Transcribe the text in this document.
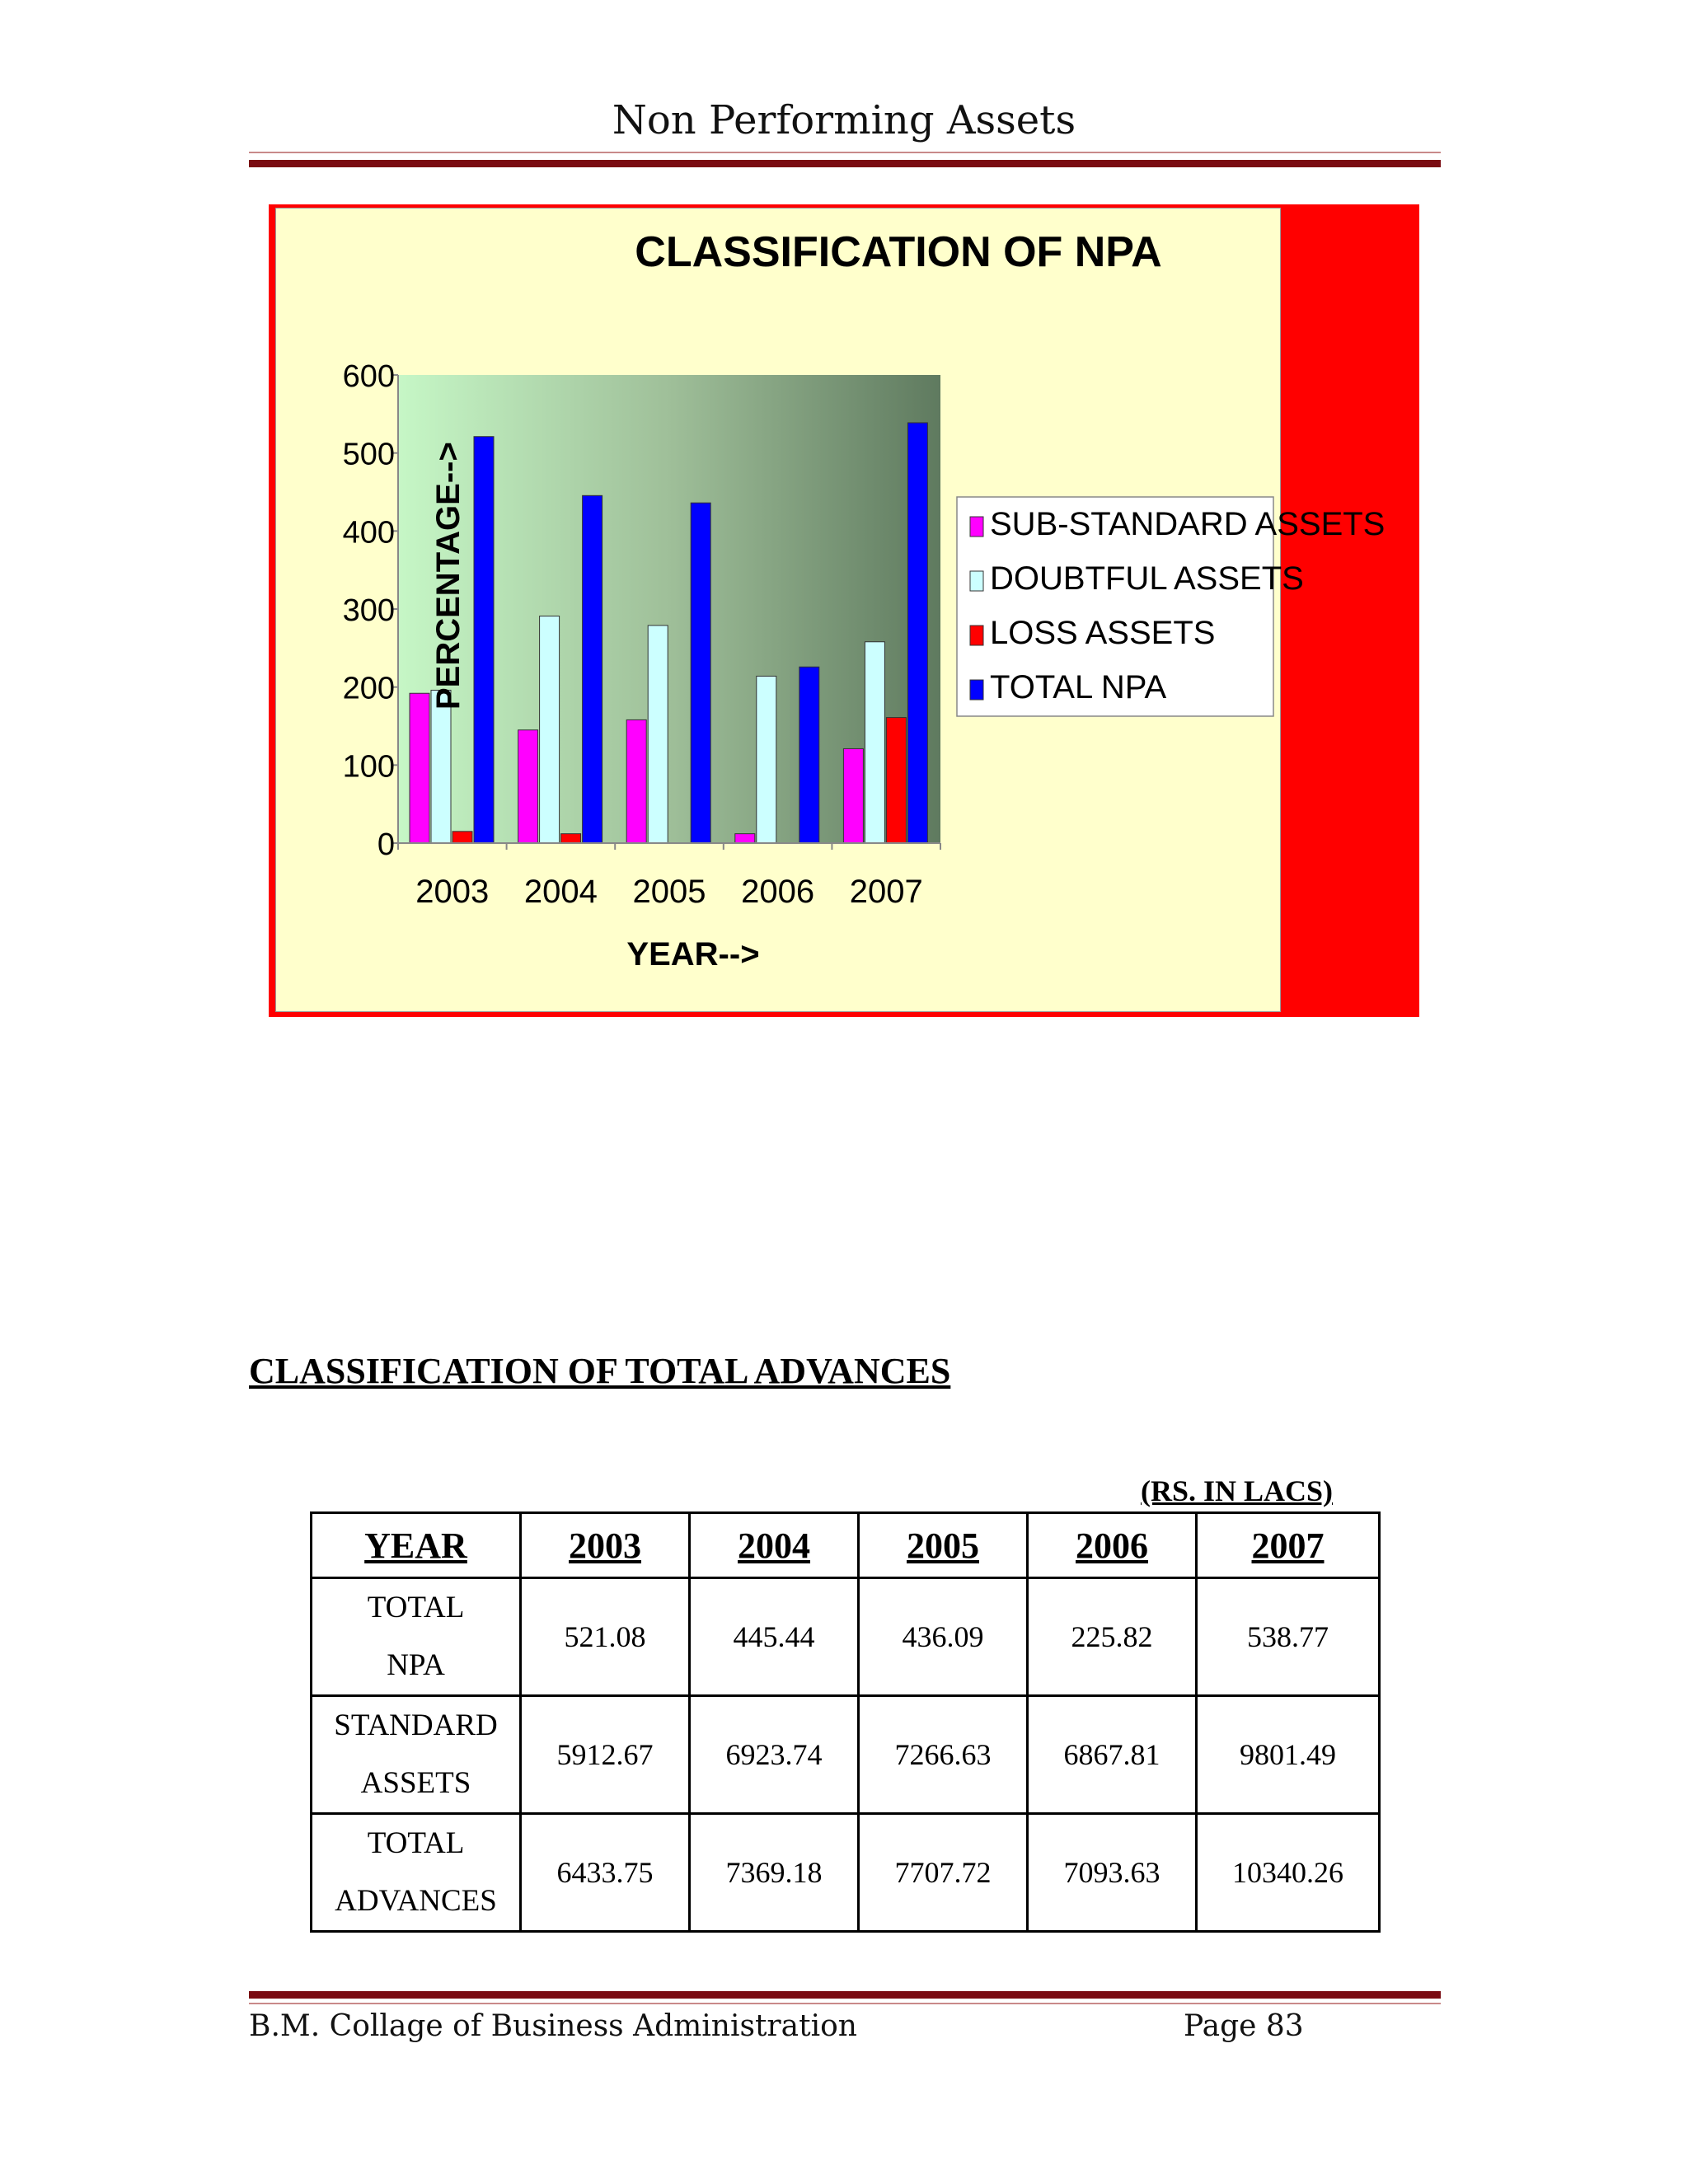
Non Performing Assets
CLASSIFICATION OF NPA
0
100
200
300
400
500
600
2003 2004 2005 2006 2007
YEAR-->
PERCENTAGE-->	SUB-STANDARD ASSETS
DOUBTFUL ASSETS
LOSS ASSETS
TOTAL NPA
CLASSIFICATION OF TOTAL ADVANCES
(RS. IN LACS)
YEAR	2003	2004	2005	2006	2007
TOTAL
NPA	521.08	445.44	436.09	225.82	538.77
STANDARD
ASSETS	5912.67	6923.74	7266.63	6867.81	9801.49
TOTAL
ADVANCES	6433.75	7369.18	7707.72	7093.63	10340.26
B.M. Collage of Business Administration	Page 83
